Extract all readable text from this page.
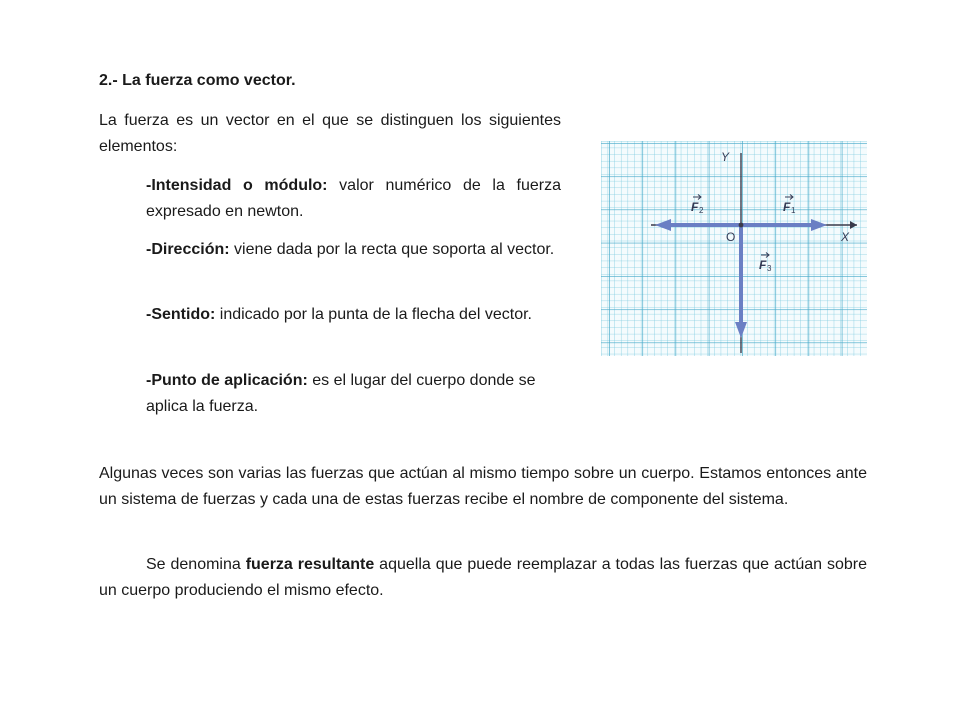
2.- La fuerza como vector.

La fuerza es un vector en el que se distinguen los siguientes elementos:

-Intensidad o módulo: valor numérico de la fuerza expresado en newton.

-Dirección: viene dada por la recta que soporta al vector.

-Sentido: indicado por la punta de la flecha del vector.

-Punto de aplicación: es el lugar del cuerpo donde se aplica la fuerza.

Y
X
O
F 1
F 2
F 3

Algunas veces son varias las fuerzas que actúan al mismo tiempo sobre un cuerpo. Estamos entonces ante un sistema de fuerzas y cada una de estas fuerzas recibe el nombre de componente del sistema.

Se denomina fuerza resultante aquella que puede reemplazar a todas las fuerzas que actúan sobre un cuerpo produciendo el mismo efecto.
